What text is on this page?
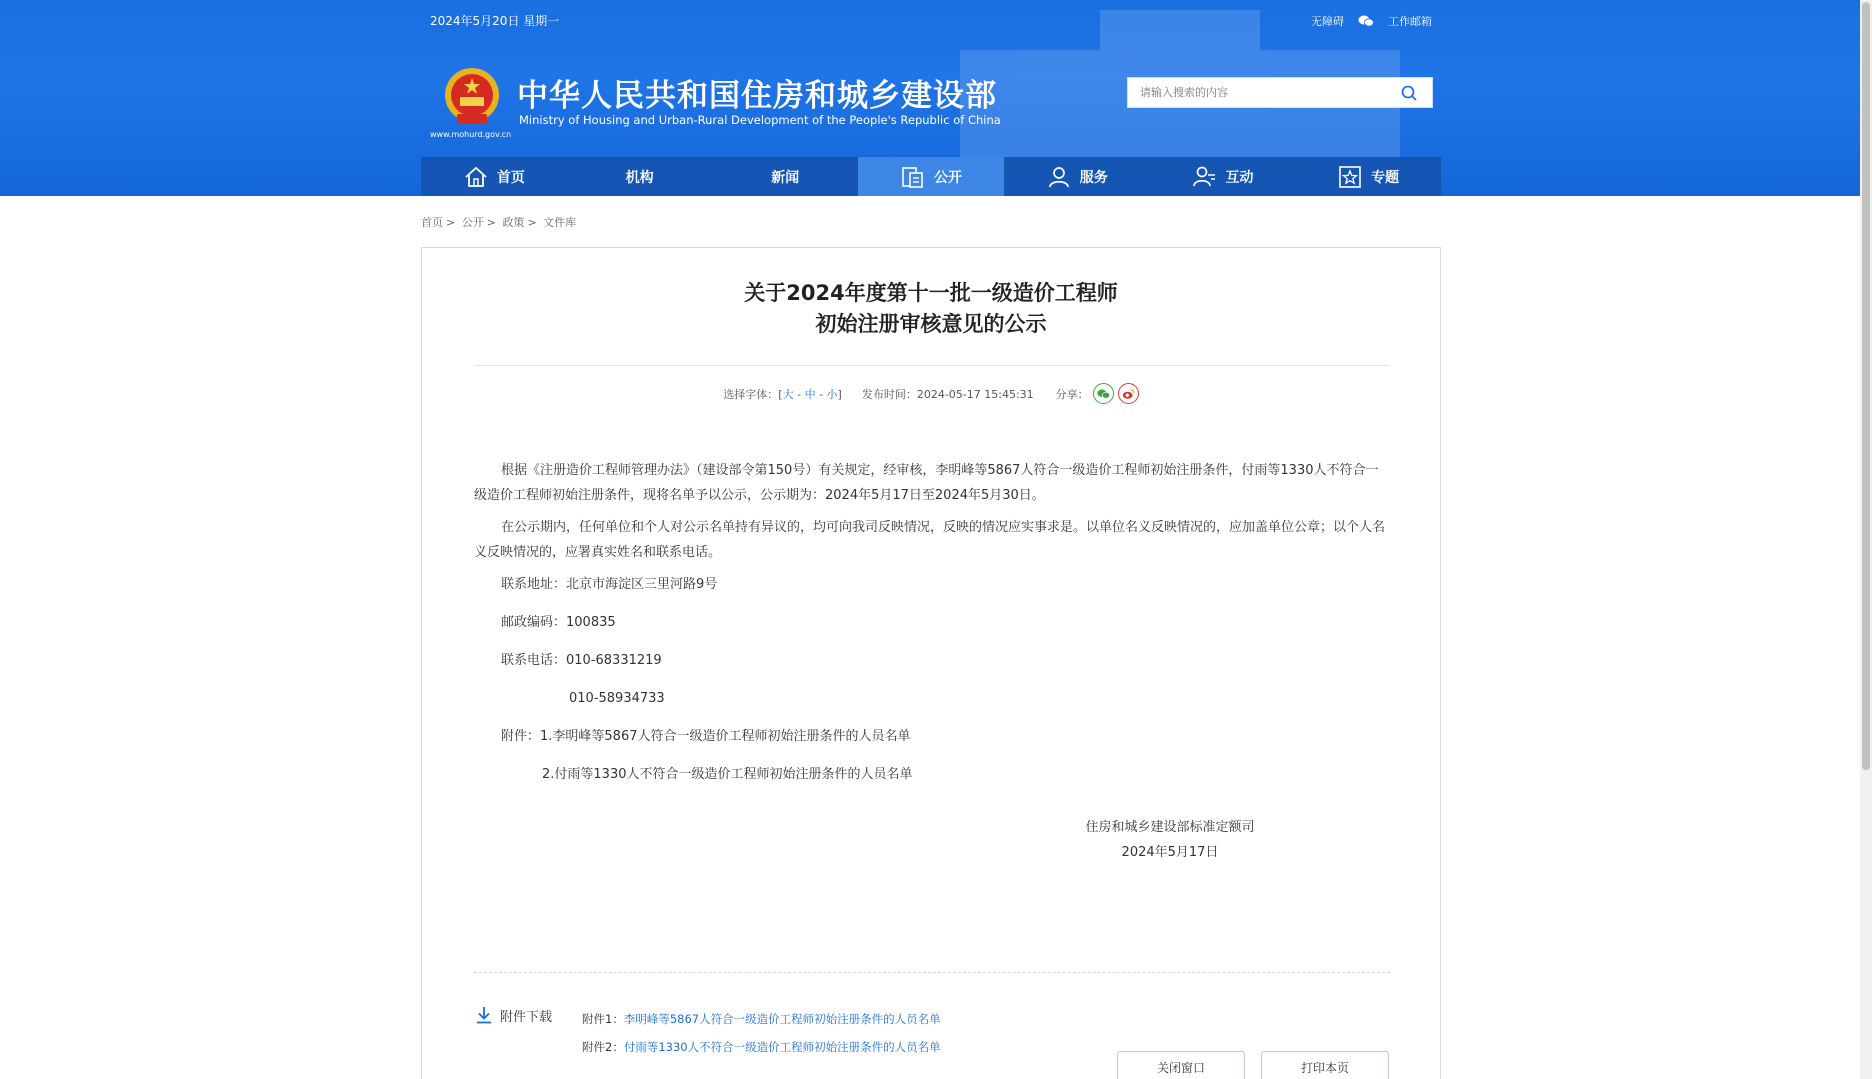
2024年5月20日 星期一	无障碍	工作邮箱
www.mohurd.gov.cn
中华人民共和国住房和城乡建设部
Ministry of Housing and Urban-Rural Development of the People's Republic of China
请输入搜索的内容
首页	机构	新闻	公开	服务	互动	专题
首页 > 公开 > 政策 > 文件库
关于2024年度第十一批一级造价工程师
初始注册审核意见的公示
选择字体：[大 - 中 - 小] 发布时间：2024-05-17 15:45:31 分享：

根据《注册造价工程师管理办法》（建设部令第150号）有关规定，经审核，李明峰等5867人符合一级造价工程师初始注册条件，付雨等1330人不符合一级造价工程师初始注册条件，现将名单予以公示，公示期为：2024年5月17日至2024年5月30日。

在公示期内，任何单位和个人对公示名单持有异议的，均可向我司反映情况，反映的情况应实事求是。以单位名义反映情况的，应加盖单位公章；以个人名义反映情况的，应署真实姓名和联系电话。

联系地址：北京市海淀区三里河路9号
邮政编码：100835
联系电话：010-68331219
010-58934733
附件：1.李明峰等5867人符合一级造价工程师初始注册条件的人员名单
2.付雨等1330人不符合一级造价工程师初始注册条件的人员名单
住房和城乡建设部标准定额司
2024年5月17日
附件下载	附件1：李明峰等5867人符合一级造价工程师初始注册条件的人员名单
附件2：付雨等1330人不符合一级造价工程师初始注册条件的人员名单
关闭窗口	打印本页
